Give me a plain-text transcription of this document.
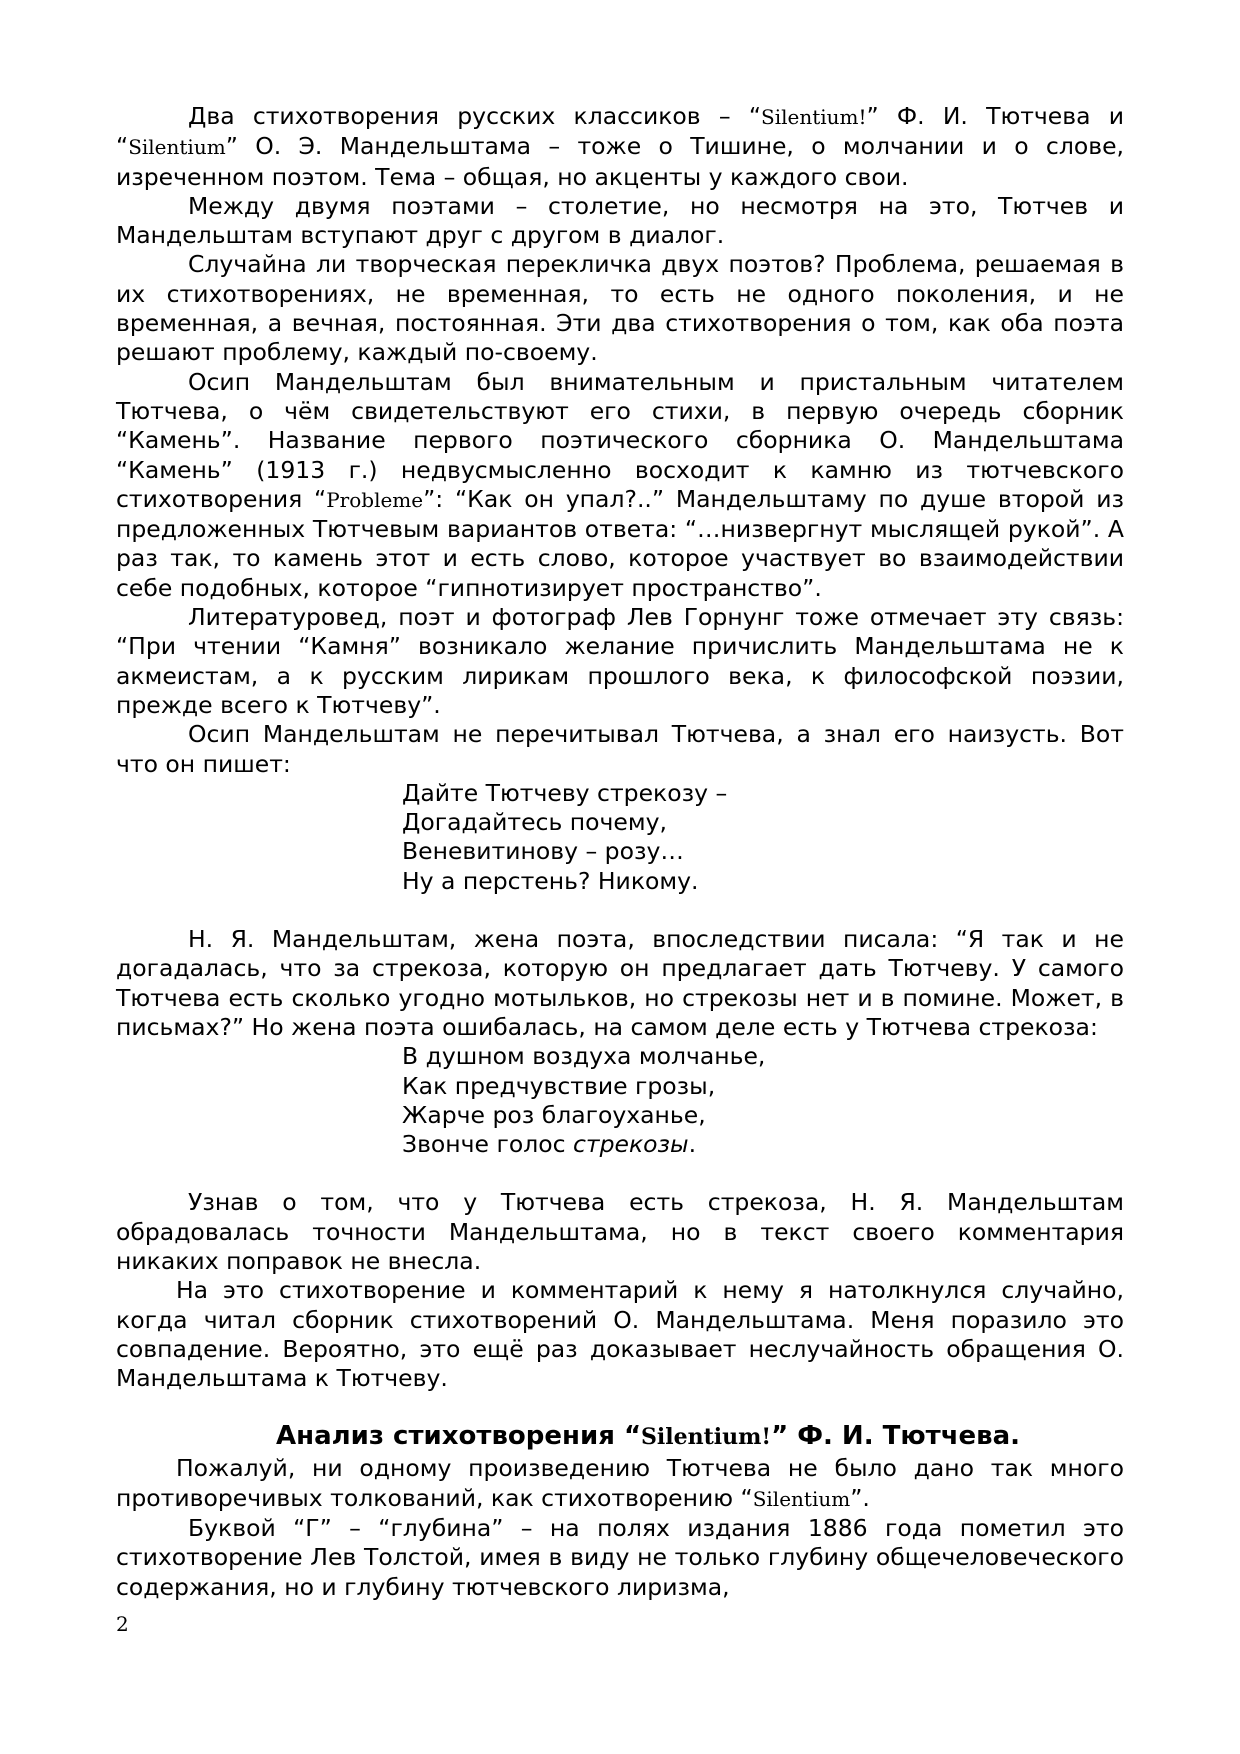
Два стихотворения русских классиков – “Silentium!” Ф. И. Тютчева и “Silentium” О. Э. Мандельштама – тоже о Тишине, о молчании и о слове, изреченном поэтом. Тема – общая, но акценты у каждого свои.

Между двумя поэтами – столетие, но несмотря на это, Тютчев и Мандельштам вступают друг с другом в диалог.

Случайна ли творческая перекличка двух поэтов? Проблема, решаемая в их стихотворениях, не временная, то есть не одного поколения, и не временная, а вечная, постоянная. Эти два стихотворения о том, как оба поэта решают проблему, каждый по-своему.

Осип Мандельштам был внимательным и пристальным читателем Тютчева, о чём свидетельствуют его стихи, в первую очередь сборник “Камень”. Название первого поэтического сборника О. Мандельштама “Камень” (1913 г.) недвусмысленно восходит к камню из тютчевского стихотворения “Probleme”: “Как он упал?..” Мандельштаму по душе второй из предложенных Тютчевым вариантов ответа: “…низвергнут мыслящей рукой”. А раз так, то камень этот и есть слово, которое участвует во взаимодействии себе подобных, которое “гипнотизирует пространство”.

Литературовед, поэт и фотограф Лев Горнунг тоже отмечает эту связь: “При чтении “Камня” возникало желание причислить Мандельштама не к акмеистам, а к русским лирикам прошлого века, к философской поэзии, прежде всего к Тютчеву”.

Осип Мандельштам не перечитывал Тютчева, а знал его наизусть. Вот что он пишет:

Дайте Тютчеву стрекозу –
Догадайтесь почему,
Веневитинову – розу…
Ну а перстень? Никому.

Н. Я. Мандельштам, жена поэта, впоследствии писала: “Я так и не догадалась, что за стрекоза, которую он предлагает дать Тютчеву. У самого Тютчева есть сколько угодно мотыльков, но стрекозы нет и в помине. Может, в письмах?” Но жена поэта ошибалась, на самом деле есть у Тютчева стрекоза:

В душном воздуха молчанье,
Как предчувствие грозы,
Жарче роз благоуханье,
Звонче голос стрекозы.

Узнав о том, что у Тютчева есть стрекоза, Н. Я. Мандельштам обрадовалась точности Мандельштама, но в текст своего комментария никаких поправок не внесла.

На это стихотворение и комментарий к нему я натолкнулся случайно, когда читал сборник стихотворений О. Мандельштама. Меня поразило это совпадение. Вероятно, это ещё раз доказывает неслучайность обращения О. Мандельштама к Тютчеву.

Анализ стихотворения “Silentium!” Ф. И. Тютчева.

Пожалуй, ни одному произведению Тютчева не было дано так много противоречивых толкований, как стихотворению “Silentium”.

Буквой “Г” – “глубина” – на полях издания 1886 года пометил это стихотворение Лев Толстой, имея в виду не только глубину общечеловеческого содержания, но и глубину тютчевского лиризма,

2
